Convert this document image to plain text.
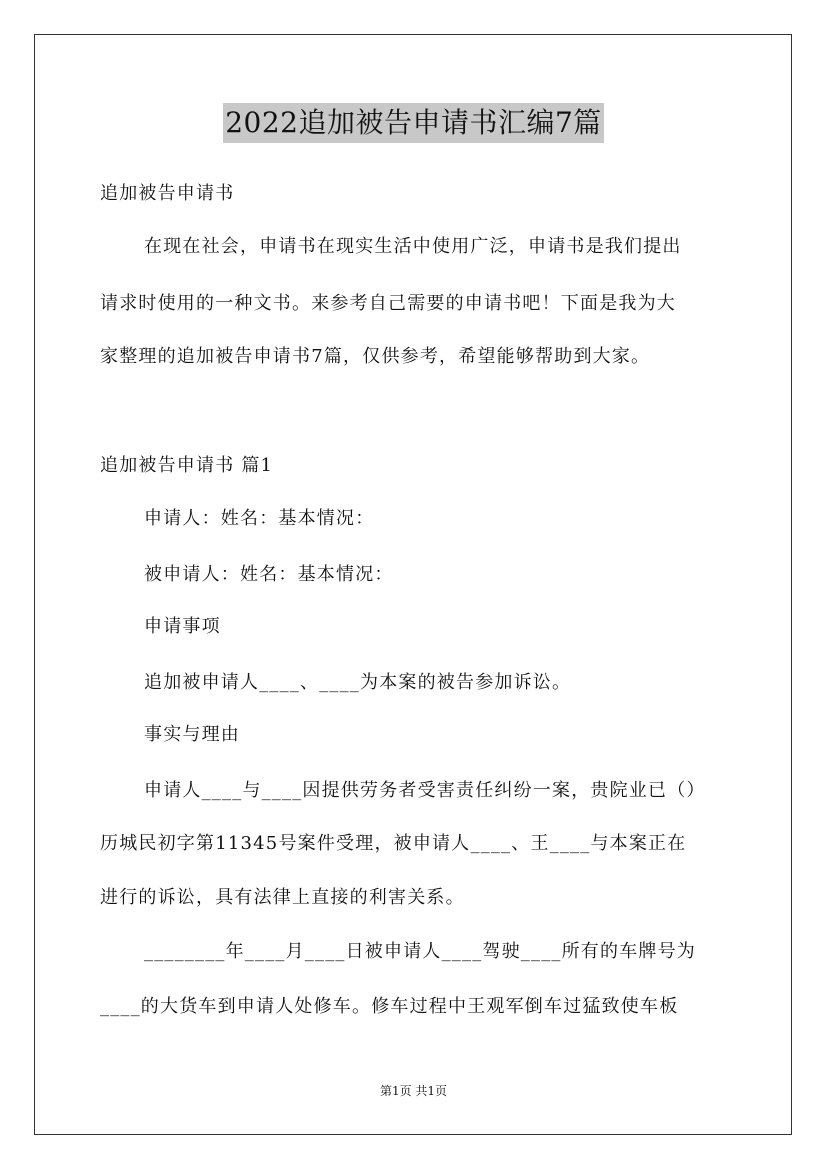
2022追加被告申请书汇编7篇
追加被告申请书
在现在社会，申请书在现实生活中使用广泛，申请书是我们提出
请求时使用的一种文书。来参考自己需要的申请书吧！下面是我为大
家整理的追加被告申请书7篇，仅供参考，希望能够帮助到大家。
追加被告申请书 篇1
申请人：姓名：基本情况：
被申请人：姓名：基本情况：
申请事项
追加被申请人____、____为本案的被告参加诉讼。
事实与理由
申请人____与____因提供劳务者受害责任纠纷一案，贵院业已（）
历城民初字第11345号案件受理，被申请人____、王____与本案正在
进行的诉讼，具有法律上直接的利害关系。
________年____月____日被申请人____驾驶____所有的车牌号为
____的大货车到申请人处修车。修车过程中王观军倒车过猛致使车板
第1页 共1页
